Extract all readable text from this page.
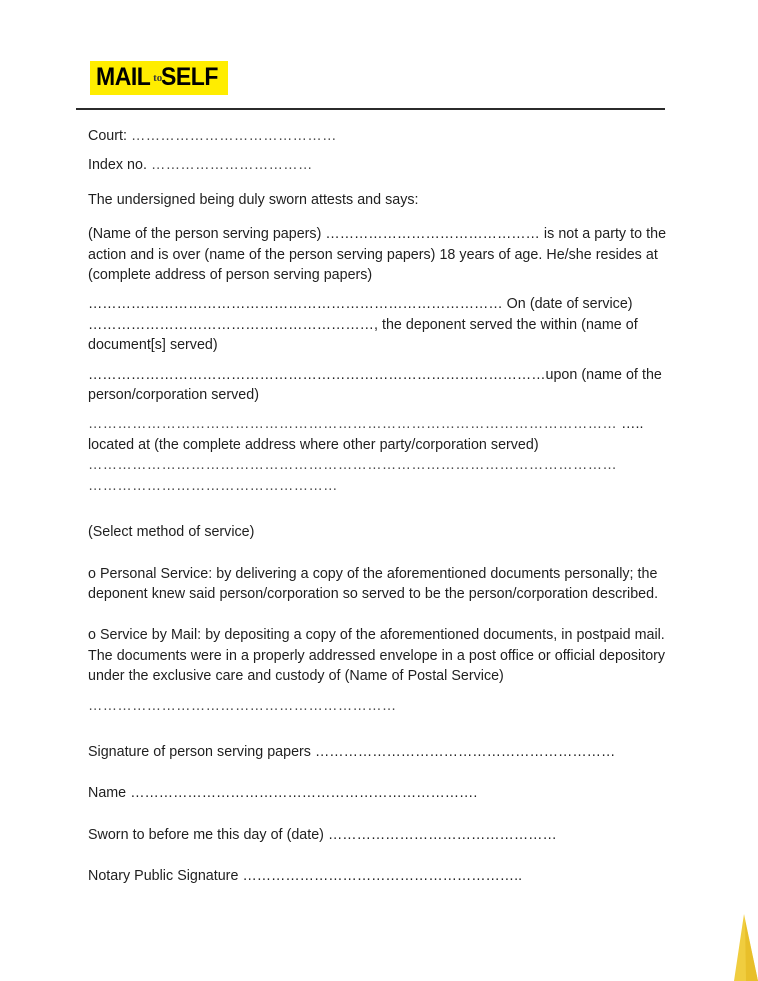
MAIL toSELF

Court: ……………………………………

Index no. ……………………………

The undersigned being duly sworn attests and says:

(Name of the person serving papers) ……………………………………… is not a party to the action and is over (name of the person serving papers) 18 years of age. He/she resides at (complete address of person serving papers)

…………………………………………………………………………… On (date of service) ……………………………………………………, the deponent served the within (name of document[s] served)

……………………………………………………………………………………upon (name of the person/corporation served)

……………………………………………………………………………………………… ….. located at (the complete address where other party/corporation served) ……………………………………………………………………………………………… ……………………………………………

(Select method of service)

o Personal Service: by delivering a copy of the aforementioned documents personally; the deponent knew said person/corporation so served to be the person/corporation described.

o Service by Mail: by depositing a copy of the aforementioned documents, in postpaid mail. The documents were in a properly addressed envelope in a post office or official depository under the exclusive care and custody of (Name of Postal Service)

………………………………………………………

Signature of person serving papers ………………………………………………………

Name ……………………………………………………………….

Sworn to before me this day of (date) …………………………………………

Notary Public Signature …………………………………………………..
